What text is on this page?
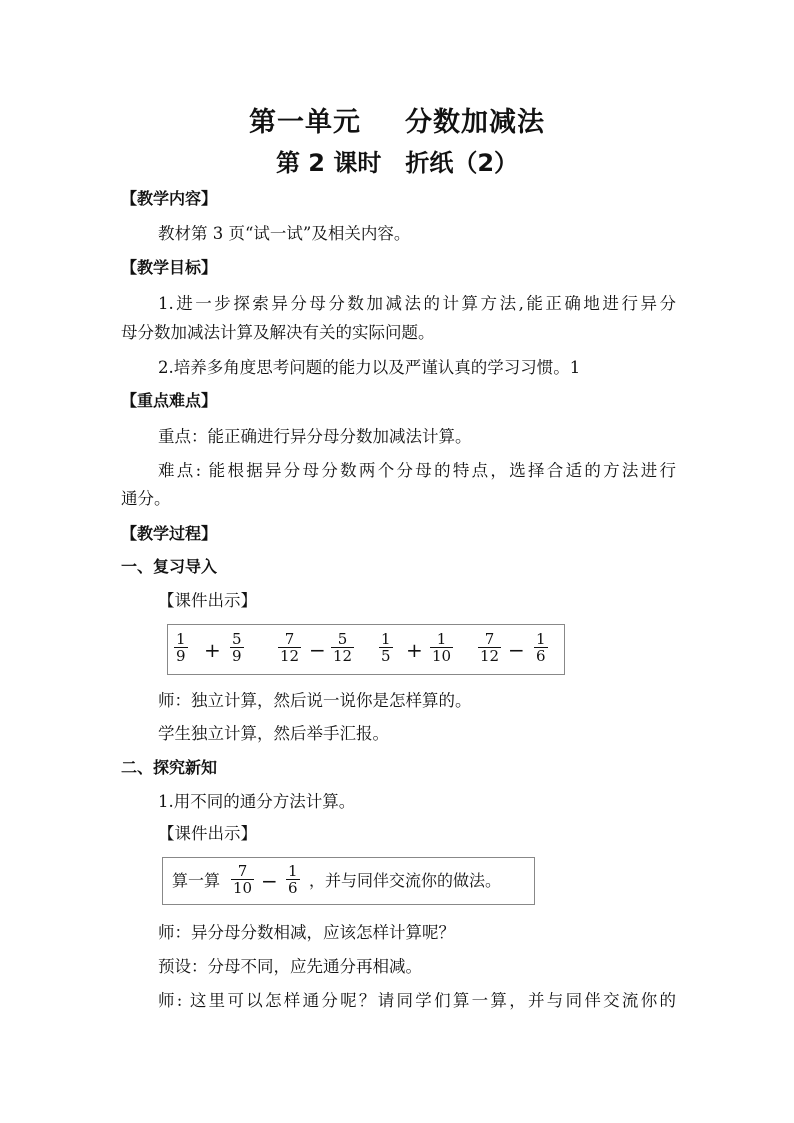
第一单元 分数加减法
第 2 课时 折纸（2）
【教学内容】
教材第 3 页“试一试”及相关内容。
【教学目标】
1.进一步探索异分母分数加减法的计算方法,能正确地进行异分
母分数加减法计算及解决有关的实际问题。
2.培养多角度思考问题的能力以及严谨认真的学习习惯。1
【重点难点】
重点：能正确进行异分母分数加减法计算。
难点: 能根据异分母分数两个分母的特点，选择合适的方法进行
通分。
【教学过程】
一、复习导入
【课件出示】
$\frac{1}{9} + \frac{5}{9} \frac{7}{12} - \frac{5}{12} \frac{1}{5} + \frac{1}{10} \frac{7}{12} - \frac{1}{6}$
师：独立计算，然后说一说你是怎样算的。
学生独立计算，然后举手汇报。
二、探究新知
1.用不同的通分方法计算。
【课件出示】
算一算 $\frac{7}{10} - \frac{1}{6}$ ，并与同伴交流你的做法。
师：异分母分数相减，应该怎样计算呢？
预设：分母不同，应先通分再相减。
师: 这里可以怎样通分呢？请同学们算一算，并与同伴交流你的
